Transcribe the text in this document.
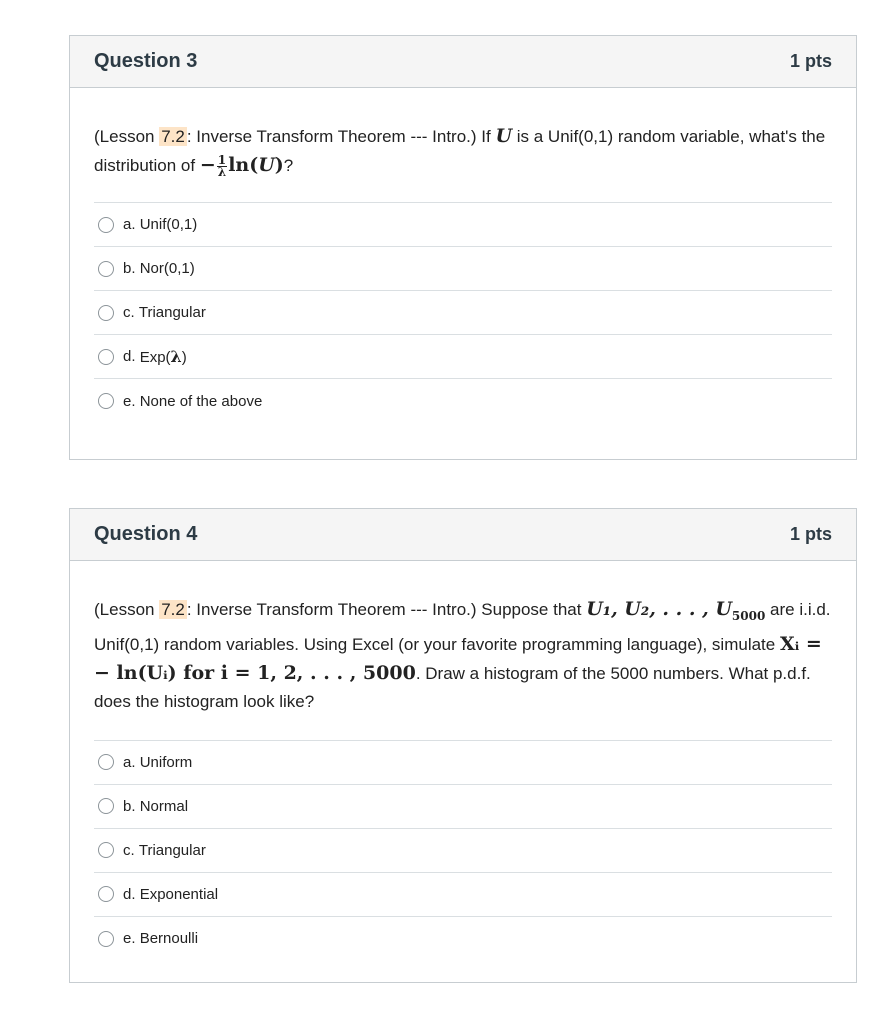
Question 3	1 pts

(Lesson 7.2 : Inverse Transform Theorem --- Intro.) If U is a Unif(0,1) random variable, what's the distribution of − $\frac{1}{\lambda} \ln(U)$?

a.
Unif(0,1)
b.
Nor(0,1)
c.
Triangular
d.
Exp(λ)
e.
None of the above
Question 4	1 pts

(Lesson 7.2 : Inverse Transform Theorem --- Intro.) Suppose that U₁, U₂, . . . , $U_{5000}$ are i.i.d. Unif(0,1) random variables. Using Excel (or your favorite programming language), simulate Xᵢ = − ln(Uᵢ) for i = 1, 2, . . . , 5000. Draw a histogram of the 5000 numbers. What p.d.f. does the histogram look like?

a.
Uniform
b.
Normal
c.
Triangular
d.
Exponential
e.
Bernoulli
